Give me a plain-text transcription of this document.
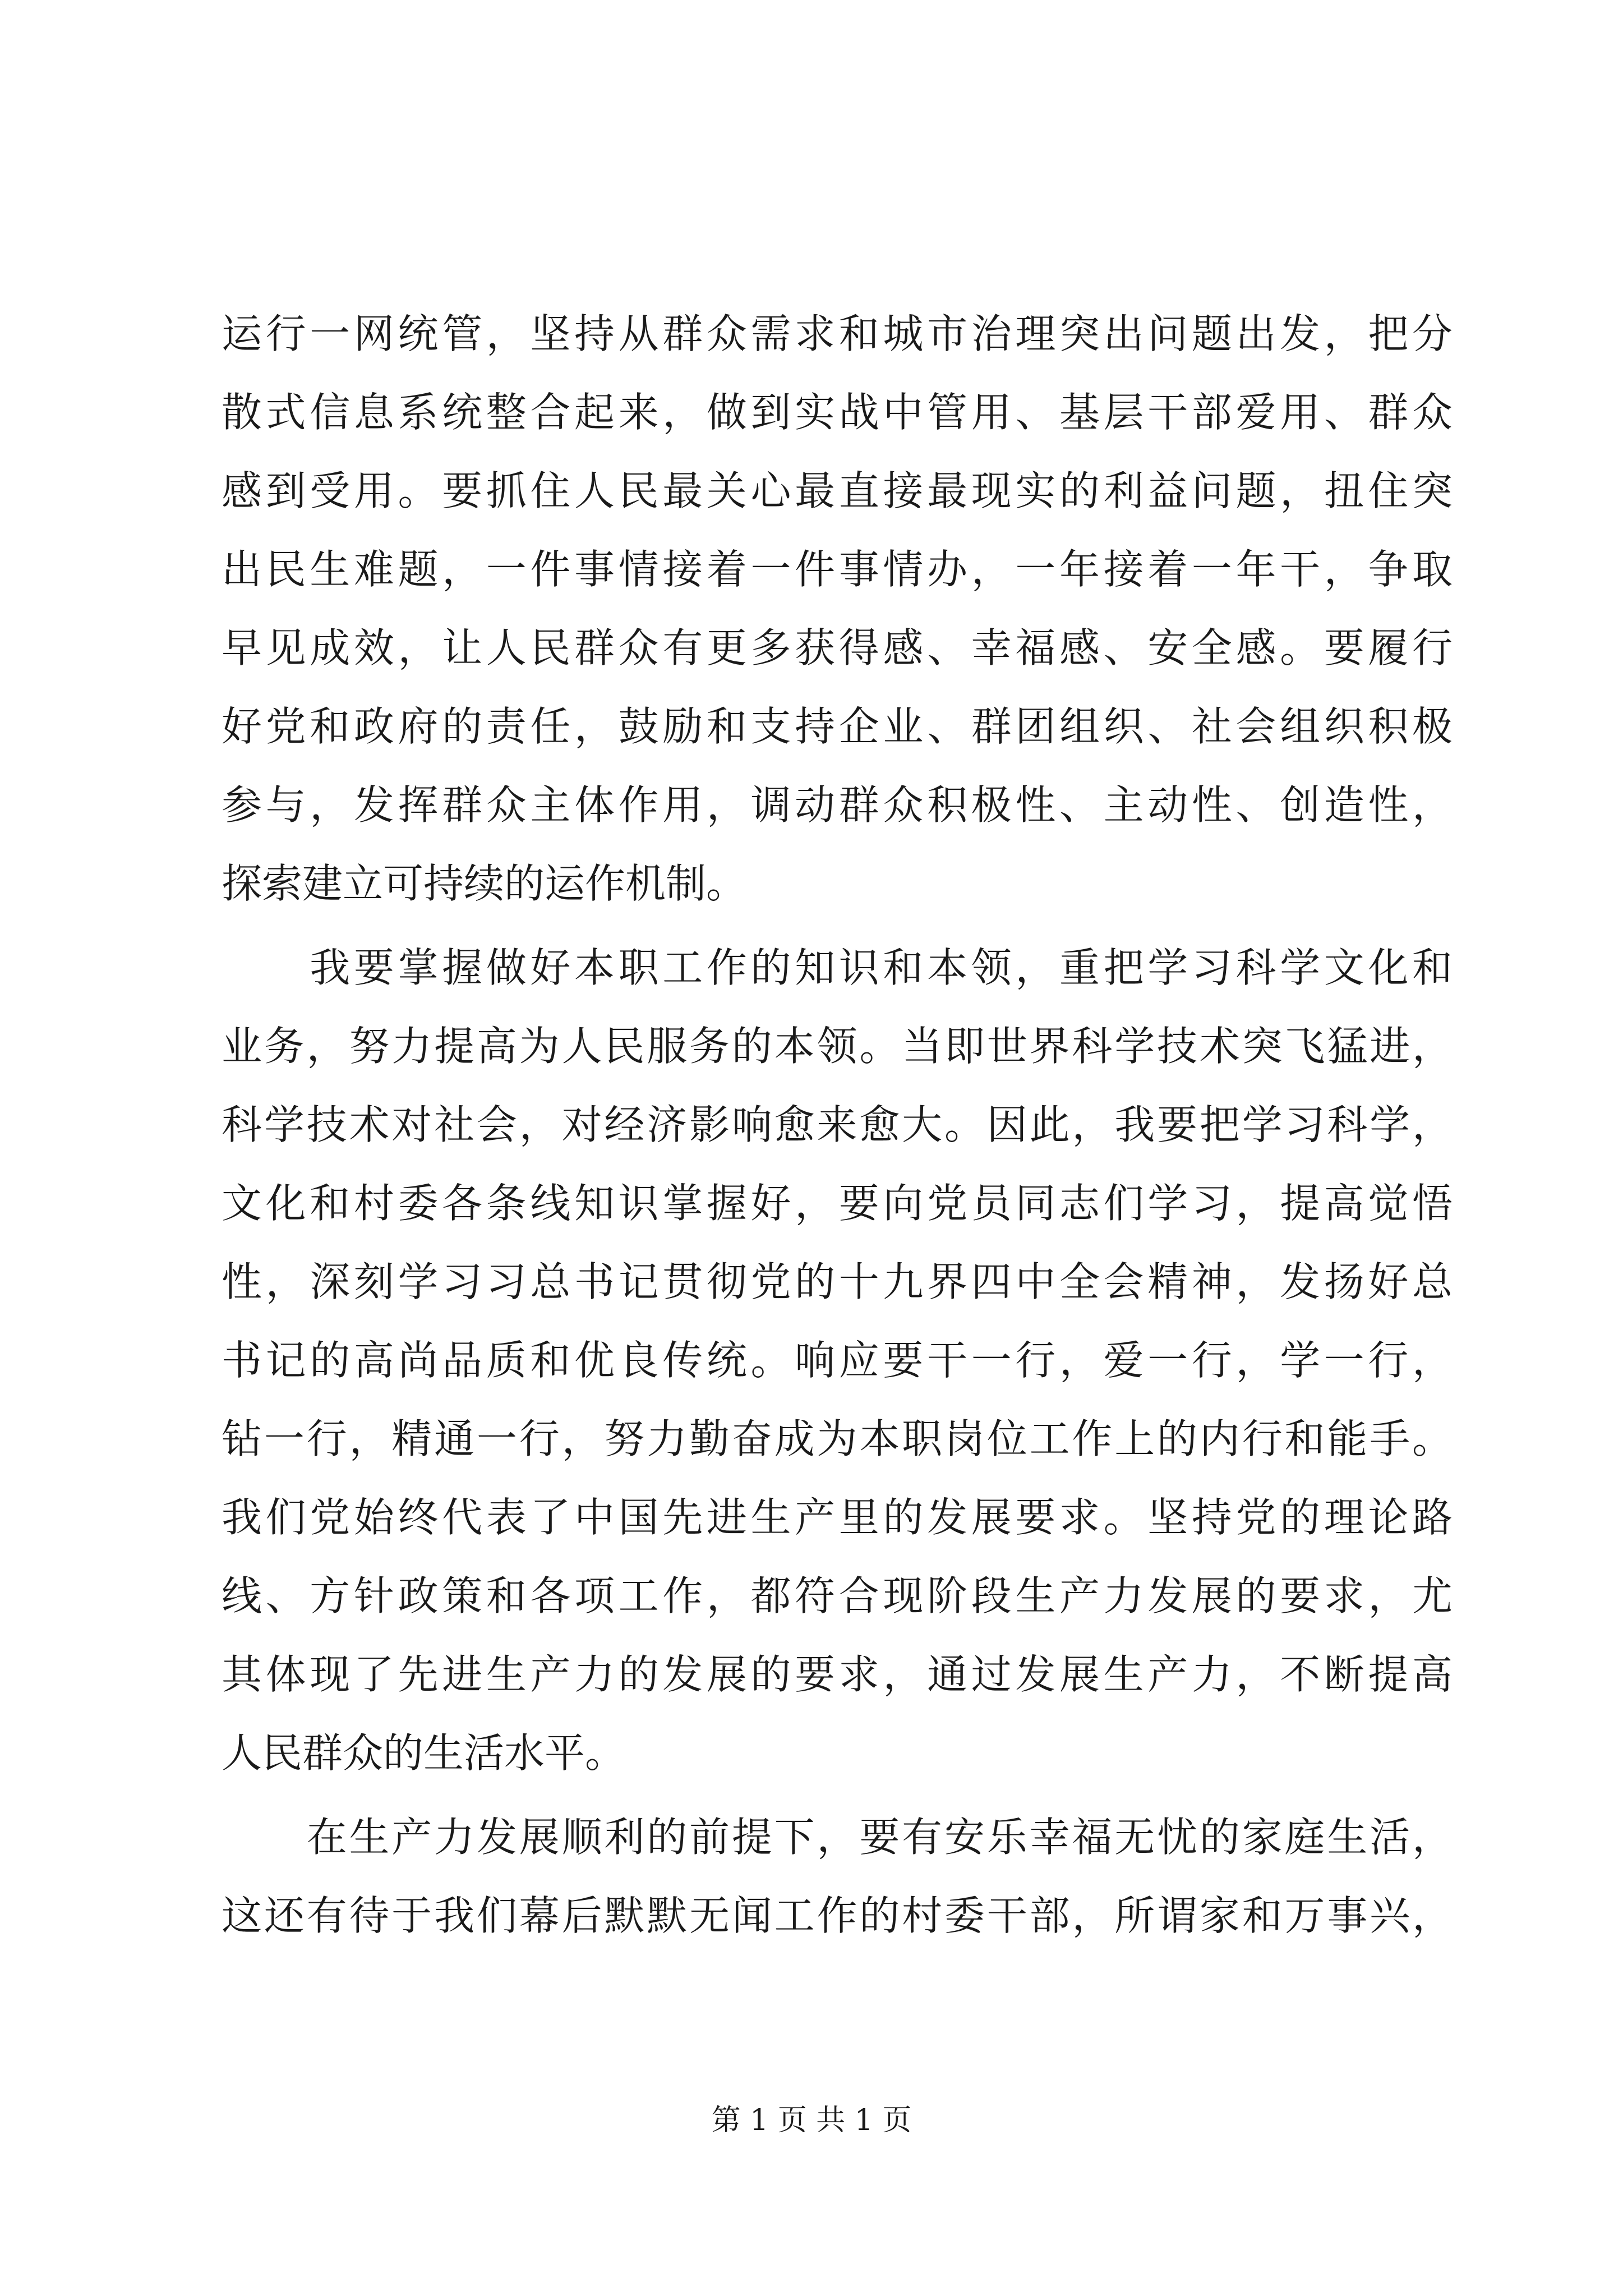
运行一网统管，坚持从群众需求和城市治理突出问题出发，把分
散式信息系统整合起来，做到实战中管用、基层干部爱用、群众
感到受用。要抓住人民最关心最直接最现实的利益问题，扭住突
出民生难题，一件事情接着一件事情办，一年接着一年干，争取
早见成效，让人民群众有更多获得感、幸福感、安全感。要履行
好党和政府的责任，鼓励和支持企业、群团组织、社会组织积极
参与，发挥群众主体作用，调动群众积极性、主动性、创造性，
探索建立可持续的运作机制。
　　我要掌握做好本职工作的知识和本领，重把学习科学文化和
业务，努力提高为人民服务的本领。当即世界科学技术突飞猛进，
科学技术对社会，对经济影响愈来愈大。因此，我要把学习科学，
文化和村委各条线知识掌握好，要向党员同志们学习，提高觉悟
性，深刻学习习总书记贯彻党的十九界四中全会精神，发扬好总
书记的高尚品质和优良传统。响应要干一行，爱一行，学一行，
钻一行，精通一行，努力勤奋成为本职岗位工作上的内行和能手。
我们党始终代表了中国先进生产里的发展要求。坚持党的理论路
线、方针政策和各项工作，都符合现阶段生产力发展的要求，尤
其体现了先进生产力的发展的要求，通过发展生产力，不断提高
人民群众的生活水平。
　　在生产力发展顺利的前提下，要有安乐幸福无忧的家庭生活，
这还有待于我们幕后默默无闻工作的村委干部，所谓家和万事兴，
第 1 页 共 1 页
